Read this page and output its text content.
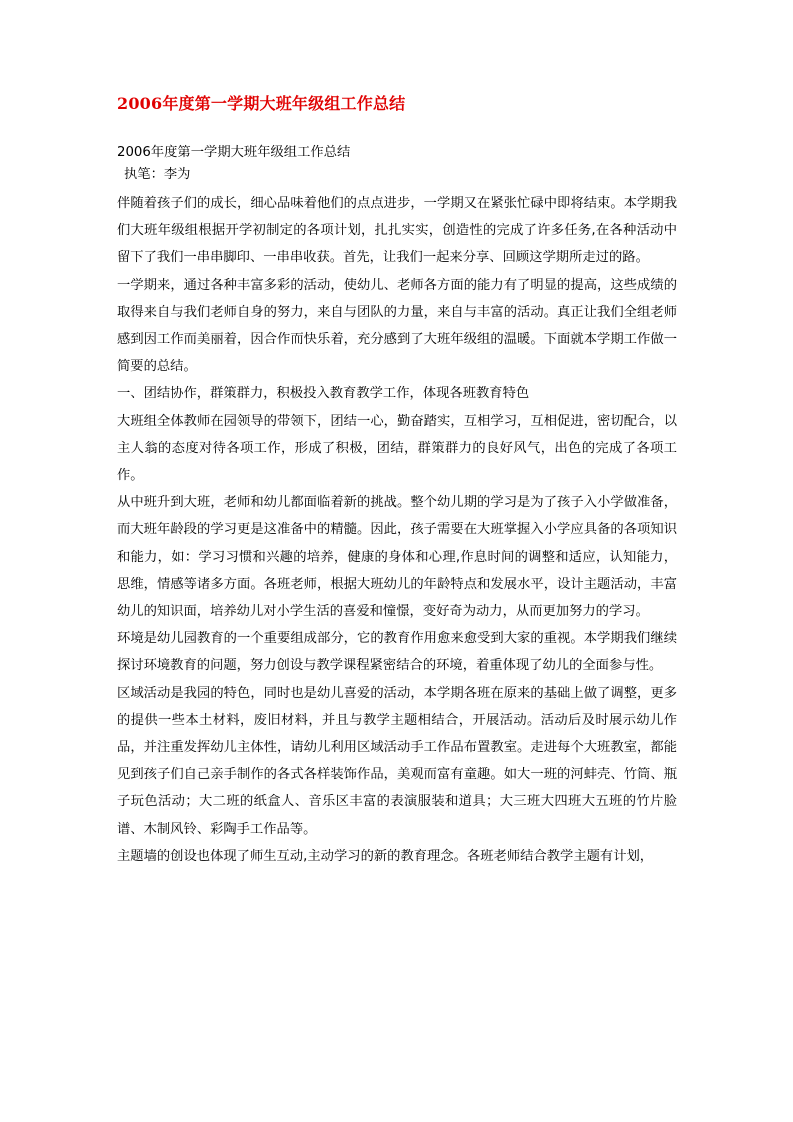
2006年度第一学期大班年级组工作总结

2006年度第一学期大班年级组工作总结

执笔：李为

伴随着孩子们的成长，细心品味着他们的点点进步，一学期又在紧张忙碌中即将结束。本学期我们大班年级组根据开学初制定的各项计划，扎扎实实，创造性的完成了许多任务,在各种活动中留下了我们一串串脚印、一串串收获。首先，让我们一起来分享、回顾这学期所走过的路。

一学期来，通过各种丰富多彩的活动，使幼儿、老师各方面的能力有了明显的提高，这些成绩的取得来自与我们老师自身的努力，来自与团队的力量，来自与丰富的活动。真正让我们全组老师感到因工作而美丽着，因合作而快乐着，充分感到了大班年级组的温暖。下面就本学期工作做一简要的总结。

一、团结协作，群策群力，积极投入教育教学工作，体现各班教育特色

大班组全体教师在园领导的带领下，团结一心，勤奋踏实，互相学习，互相促进，密切配合，以主人翁的态度对待各项工作，形成了积极，团结，群策群力的良好风气，出色的完成了各项工作。

从中班升到大班，老师和幼儿都面临着新的挑战。整个幼儿期的学习是为了孩子入小学做准备，而大班年龄段的学习更是这准备中的精髓。因此，孩子需要在大班掌握入小学应具备的各项知识和能力，如：学习习惯和兴趣的培养，健康的身体和心理,作息时间的调整和适应，认知能力，思维，情感等诸多方面。各班老师，根据大班幼儿的年龄特点和发展水平，设计主题活动，丰富幼儿的知识面，培养幼儿对小学生活的喜爱和憧憬，变好奇为动力，从而更加努力的学习。

环境是幼儿园教育的一个重要组成部分，它的教育作用愈来愈受到大家的重视。本学期我们继续探讨环境教育的问题，努力创设与教学课程紧密结合的环境，着重体现了幼儿的全面参与性。

区域活动是我园的特色，同时也是幼儿喜爱的活动，本学期各班在原来的基础上做了调整，更多的提供一些本土材料，废旧材料，并且与教学主题相结合，开展活动。活动后及时展示幼儿作品，并注重发挥幼儿主体性，请幼儿利用区域活动手工作品布置教室。走进每个大班教室，都能见到孩子们自己亲手制作的各式各样装饰作品，美观而富有童趣。如大一班的河蚌壳、竹筒、瓶子玩色活动；大二班的纸盒人、音乐区丰富的表演服装和道具；大三班大四班大五班的竹片脸谱、木制风铃、彩陶手工作品等。

主题墙的创设也体现了师生互动,主动学习的新的教育理念。各班老师结合教学主题有计划，
